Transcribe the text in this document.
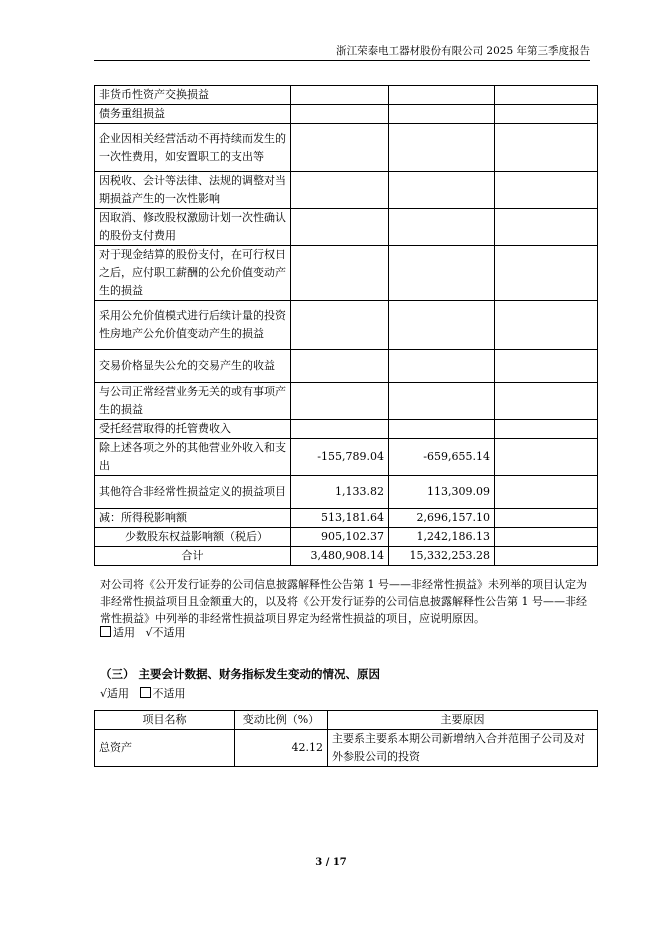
浙江荣泰电工器材股份有限公司 2025 年第三季度报告
非货币性资产交换损益			
债务重组损益			
企业因相关经营活动不再持续而发生的一次性费用，如安置职工的支出等			
因税收、会计等法律、法规的调整对当期损益产生的一次性影响			
因取消、修改股权激励计划一次性确认的股份支付费用			
对于现金结算的股份支付，在可行权日之后，应付职工薪酬的公允价值变动产生的损益			
采用公允价值模式进行后续计量的投资性房地产公允价值变动产生的损益			
交易价格显失公允的交易产生的收益			
与公司正常经营业务无关的或有事项产生的损益			
受托经营取得的托管费收入			
除上述各项之外的其他营业外收入和支出	-155,789.04	-659,655.14	
其他符合非经常性损益定义的损益项目	1,133.82	113,309.09	
减：所得税影响额	513,181.64	2,696,157.10	
少数股东权益影响额（税后）	905,102.37	1,242,186.13	
合计	3,480,908.14	15,332,253.28	
对公司将《公开发行证券的公司信息披露解释性公告第 1 号——非经常性损益》未列举的项目认定为非经常性损益项目且金额重大的，以及将《公开发行证券的公司信息披露解释性公告第 1 号——非经常性损益》中列举的非经常性损益项目界定为经常性损益的项目，应说明原因。
适用 √不适用
（三） 主要会计数据、财务指标发生变动的情况、原因
√适用 不适用
项目名称	变动比例（%）	主要原因
总资产	42.12	主要系主要系本期公司新增纳入合并范围子公司及对外参股公司的投资
3 / 17
